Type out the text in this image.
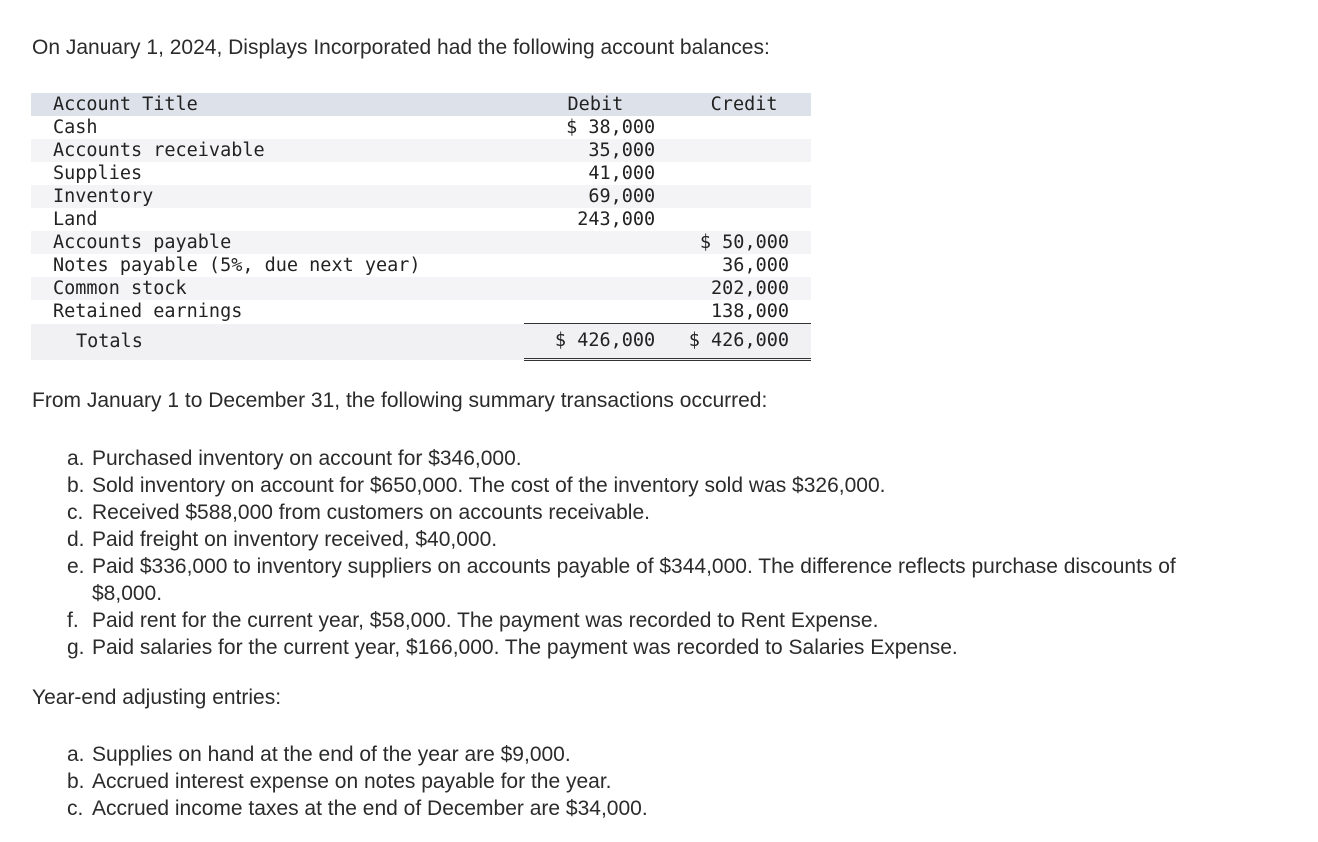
On January 1, 2024, Displays Incorporated had the following account balances:

Account Title	Debit	Credit
Cash	$ 38,000	
Accounts receivable	35,000	
Supplies	41,000	
Inventory	69,000	
Land	243,000	
Accounts payable		$ 50,000
Notes payable (5%, due next year)		36,000
Common stock		202,000
Retained earnings		138,000
Totals	$ 426,000	$ 426,000

From January 1 to December 31, the following summary transactions occurred:

a. Purchased inventory on account for $346,000.
b. Sold inventory on account for $650,000. The cost of the inventory sold was $326,000.
c. Received $588,000 from customers on accounts receivable.
d. Paid freight on inventory received, $40,000.
e. Paid $336,000 to inventory suppliers on accounts payable of $344,000. The difference reflects purchase discounts of $8,000.
f. Paid rent for the current year, $58,000. The payment was recorded to Rent Expense.
g. Paid salaries for the current year, $166,000. The payment was recorded to Salaries Expense.

Year-end adjusting entries:

a. Supplies on hand at the end of the year are $9,000.
b. Accrued interest expense on notes payable for the year.
c. Accrued income taxes at the end of December are $34,000.
